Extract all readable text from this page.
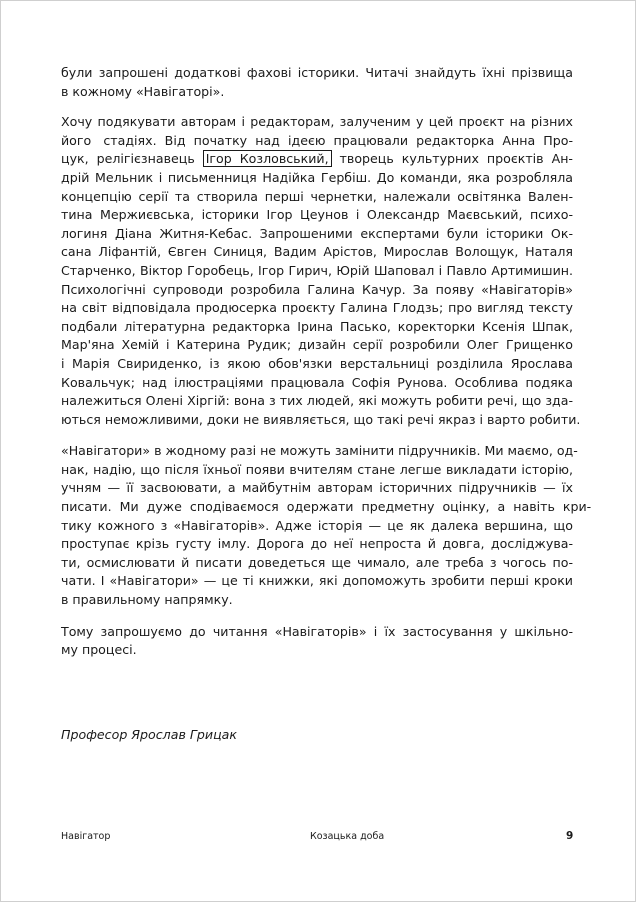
були запрошені додаткові фахові історики. Читачі знайдуть їхні прізвища
в кожному «Навігаторі».
Хочу подякувати авторам і редакторам, залученим у цей проєкт на різних
його   стадіях.  Від  початку  над  ідеєю  працювали  редакторка  Анна  Про-
цук, релігієзнавець Ігор Козловський, творець культурних проєктів Ан-
дрій Мельник і письменниця Надійка Гербіш. До команди, яка розробляла
концепцію серії та створила перші чернетки, належали освітянка Вален-
тина Мержиєвська, історики Ігор Цеунов і Олександр Маєвський, психо-
логиня Діана Житня-Кебас. Запрошеними експертами були історики Ок-
сана Ліфантій, Євген Синиця, Вадим Арістов, Мирослав Волощук, Наталя
Старченко, Віктор Горобець, Ігор Гирич, Юрій Шаповал і Павло Артимишин.
Психологічні супроводи розробила Галина Качур. За появу «Навігаторів»
на світ відповідала продюсерка проєкту Галина Глодзь; про вигляд тексту
подбали літературна редакторка Ірина Пасько, коректорки Ксенія Шпак,
Мар'яна Хемій і Катерина Рудик; дизайн серії розробили Олег Грищенко
і Марія Свириденко, із якою обов'язки верстальниці розділила Ярослава
Ковальчук; над ілюстраціями працювала Софія Рунова. Особлива подяка
належиться Олені Хіргій: вона з тих людей, які можуть робити речі, що зда-
ються неможливими, доки не виявляється, що такі речі якраз і варто робити.
«Навігатори» в жодному разі не можуть замінити підручників. Ми маємо, од-
нак, надію, що після їхньої появи вчителям стане легше викладати історію,
учням — її засвоювати, а майбутнім авторам історичних підручників — їх
писати.  Ми  дуже  сподіваємося  одержати  предметну  оцінку,  а  навіть  кри-
тику кожного з «Навігаторів». Адже історія — це як далека вершина, що
проступає крізь густу імлу. Дорога до неї непроста й довга, досліджува-
ти, осмислювати й писати доведеться ще чимало, але треба з чогось по-
чати. І «Навігатори» — це ті книжки, які допоможуть зробити перші кроки
в правильному напрямку.
Тому запрошуємо до читання «Навігаторів» і їх застосування у шкільно-
му процесі.
Професор Ярослав Грицак
Навігатор	Козацька доба	9
